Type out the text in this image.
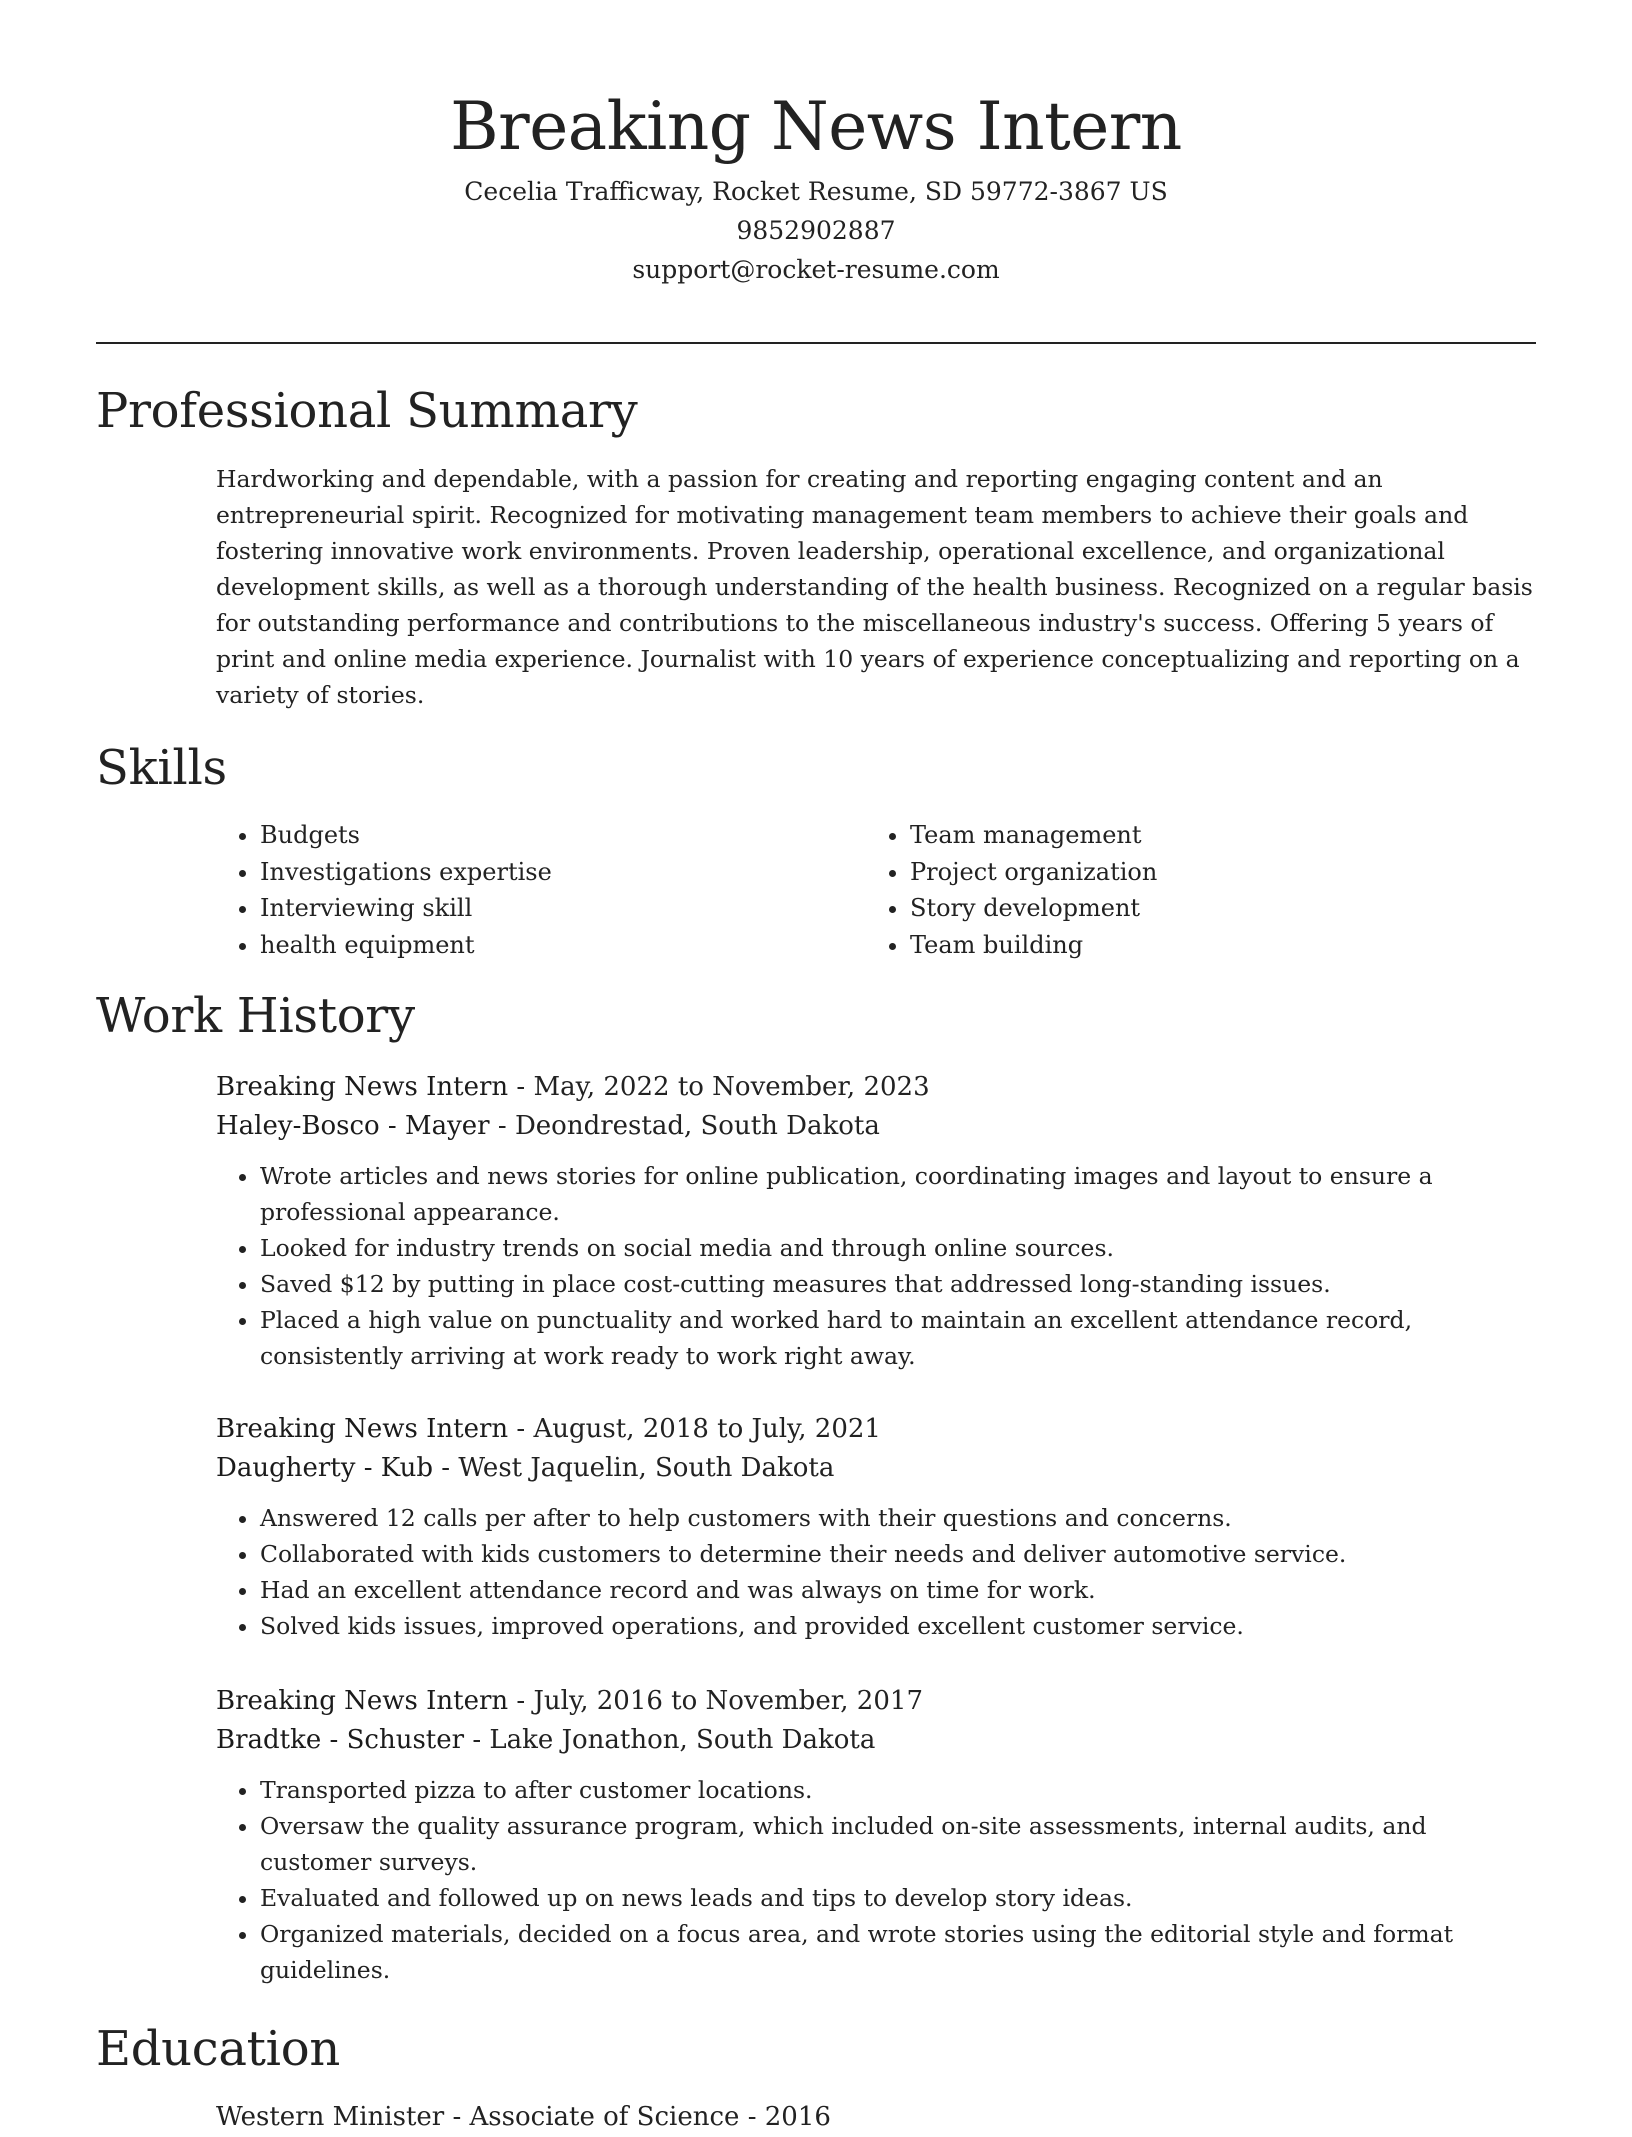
Breaking News Intern
Cecelia Trafficway, Rocket Resume, SD 59772-3867 US
9852902887
support@rocket-resume.com
Professional Summary

Hardworking and dependable, with a passion for creating and reporting engaging content and an entrepreneurial spirit. Recognized for motivating management team members to achieve their goals and fostering innovative work environments. Proven leadership, operational excellence, and organizational development skills, as well as a thorough understanding of the health business. Recognized on a regular basis for outstanding performance and contributions to the miscellaneous industry's success. Offering 5 years of print and online media experience. Journalist with 10 years of experience conceptualizing and reporting on a variety of stories.

Skills
• Budgets
• Investigations expertise
• Interviewing skill
• health equipment
• Team management
• Project organization
• Story development
• Team building
Work History
Breaking News Intern - May, 2022 to November, 2023
Haley-Bosco - Mayer - Deondrestad, South Dakota
• Wrote articles and news stories for online publication, coordinating images and layout to ensure a professional appearance.
• Looked for industry trends on social media and through online sources.
• Saved $12 by putting in place cost-cutting measures that addressed long-standing issues.
• Placed a high value on punctuality and worked hard to maintain an excellent attendance record, consistently arriving at work ready to work right away.
Breaking News Intern - August, 2018 to July, 2021
Daugherty - Kub - West Jaquelin, South Dakota
• Answered 12 calls per after to help customers with their questions and concerns.
• Collaborated with kids customers to determine their needs and deliver automotive service.
• Had an excellent attendance record and was always on time for work.
• Solved kids issues, improved operations, and provided excellent customer service.
Breaking News Intern - July, 2016 to November, 2017
Bradtke - Schuster - Lake Jonathon, South Dakota
• Transported pizza to after customer locations.
• Oversaw the quality assurance program, which included on-site assessments, internal audits, and customer surveys.
• Evaluated and followed up on news leads and tips to develop story ideas.
• Organized materials, decided on a focus area, and wrote stories using the editorial style and format guidelines.
Education
Western Minister - Associate of Science - 2016
